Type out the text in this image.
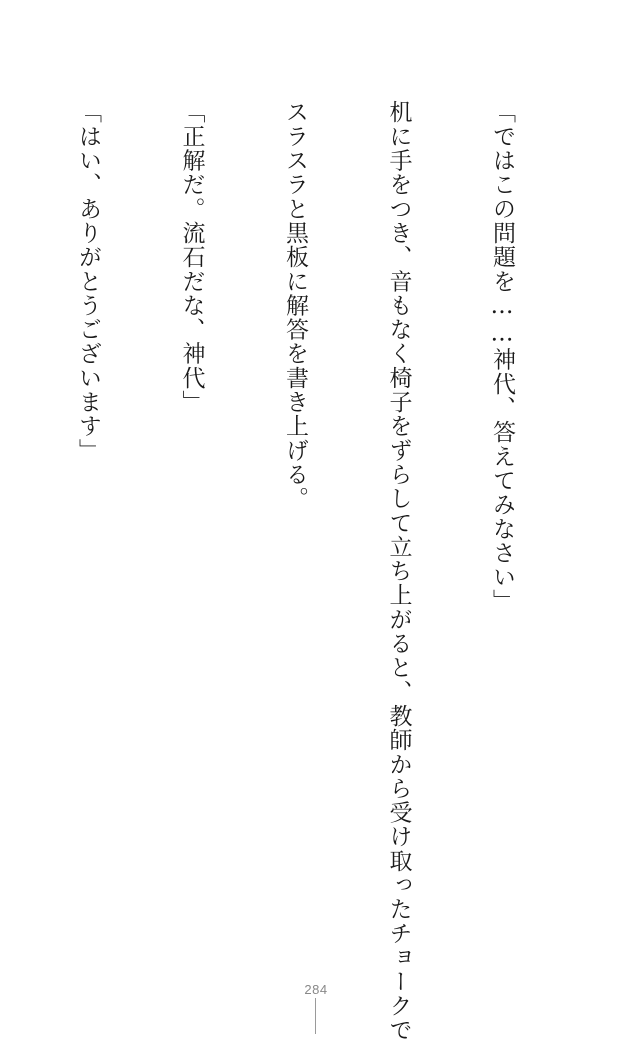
「ではこの問題を……神代、答えてみなさい」

机に手をつき、音もなく椅子をずらして立ち上がると、教師から受け取ったチョークで

スラスラと黒板に解答を書き上げる。

「正解だ。流石だな、神代」

「はい、ありがとうございます」

284
